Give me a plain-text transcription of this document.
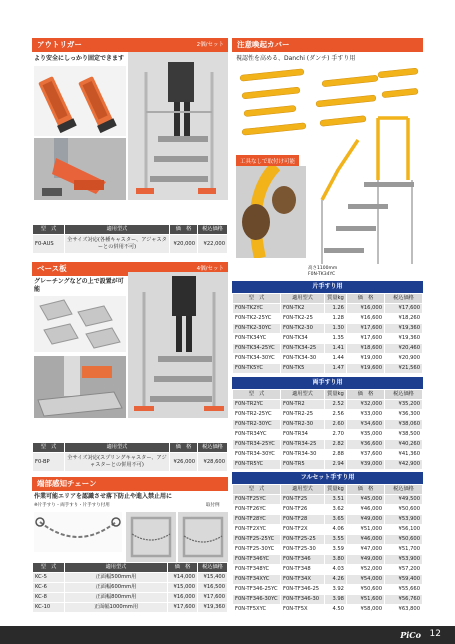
アウトリガー	2個/セット
より安全にしっかり固定できます
型　式	適用型式	価　格	税込価格
F0-AUS	全サイズ対応(各種キャスター、アジャスターとの併用不可)	¥20,000	¥22,000
ベース板	4個/セット
グレーチングなどの上で設置が可能
型　式	適用型式	価　格	税込価格
F0-BP	全サイズ対応(スプリングキャスター、アジャスターとの併用不可)	¥26,000	¥28,600
端部感知チェーン
作業可能エリアを認識させ落下防止や進入禁止用に
※片手すり・両手すり・片手すり付用	取付例
型　式	適用型式	価　格	税込価格
KC-5	正面幅500mm用	¥14,000	¥15,400
KC-6	正面幅600mm用	¥15,000	¥16,500
KC-8	正面幅800mm用	¥16,000	¥17,600
KC-10	正面幅1000mm用	¥17,600	¥19,360
注意喚起カバー
視認性を高める、Danchi (ダンチ) 手すり用
工具なしで取付け可能
高さ1100mm
F0N-TK34YC
片手すり用
型　式	適用型式	質量kg	価　格	税込価格
F0N-TK2YC	F0N-TK2	1.26	¥16,000	¥17,600
F0N-TK2-25YC	F0N-TK2-25	1.28	¥16,600	¥18,260
F0N-TK2-30YC	F0N-TK2-30	1.30	¥17,600	¥19,360
F0N-TK34YC	F0N-TK34	1.35	¥17,600	¥19,360
F0N-TK34-25YC	F0N-TK34-25	1.41	¥18,600	¥20,460
F0N-TK34-30YC	F0N-TK34-30	1.44	¥19,000	¥20,900
F0N-TK5YC	F0N-TK5	1.47	¥19,600	¥21,560
両手すり用
型　式	適用型式	質量kg	価　格	税込価格
F0N-TR2YC	F0N-TR2	2.52	¥32,000	¥35,200
F0N-TR2-25YC	F0N-TR2-25	2.56	¥33,000	¥36,300
F0N-TR2-30YC	F0N-TR2-30	2.60	¥34,600	¥38,060
F0N-TR34YC	F0N-TR34	2.70	¥35,000	¥38,500
F0N-TR34-25YC	F0N-TR34-25	2.82	¥36,600	¥40,260
F0N-TR34-30YC	F0N-TR34-30	2.88	¥37,600	¥41,360
F0N-TR5YC	F0N-TR5	2.94	¥39,000	¥42,900
フルセット手すり用
型　式	適用型式	質量kg	価　格	税込価格
F0N-TF25YC	F0N-TF25	3.51	¥45,000	¥49,500
F0N-TF26YC	F0N-TF26	3.62	¥46,000	¥50,600
F0N-TF28YC	F0N-TF28	3.65	¥49,000	¥53,900
F0N-TF2XYC	F0N-TF2X	4.06	¥51,000	¥56,100
F0N-TF25-25YC	F0N-TF25-25	3.55	¥46,000	¥50,600
F0N-TF25-30YC	F0N-TF25-30	3.59	¥47,000	¥51,700
F0N-TF346YC	F0N-TF346	3.80	¥49,000	¥53,900
F0N-TF348YC	F0N-TF348	4.03	¥52,000	¥57,200
F0N-TF34XYC	F0N-TF34X	4.26	¥54,000	¥59,400
F0N-TF346-25YC	F0N-TF346-25	3.92	¥50,600	¥55,660
F0N-TF346-30YC	F0N-TF346-30	3.98	¥51,600	¥56,760
F0N-TF5XYC	F0N-TF5X	4.50	¥58,000	¥63,800
PiCo 12
